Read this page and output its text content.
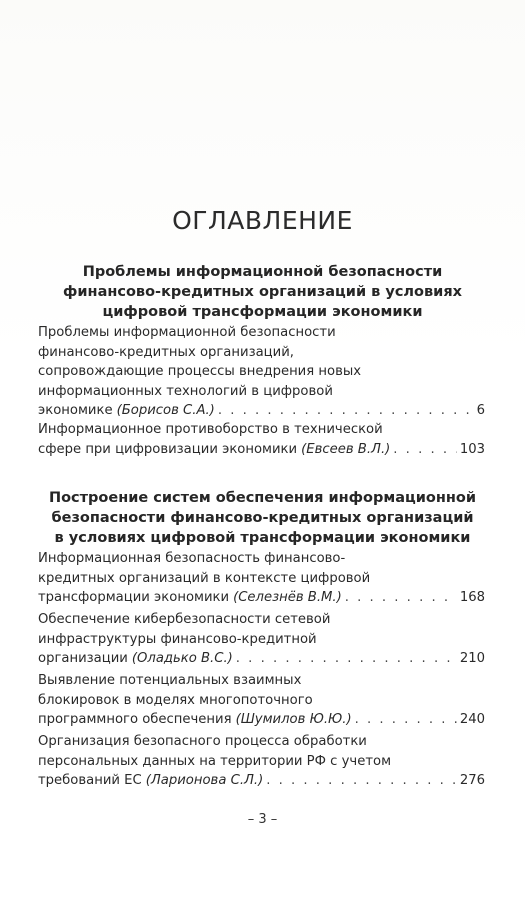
ОГЛАВЛЕНИЕ
Проблемы информационной безопасности
финансово-кредитных организаций в условиях
цифровой трансформации экономики
Проблемы информационной безопасности
финансово-кредитных организаций,
сопровождающие процессы внедрения новых
информационных технологий в цифровой
экономике (Борисов С.А.) . . .	6
Информационное противоборство в технической
сфере при цифровизации экономики (Евсеев В.Л.) . . .	103
Построение систем обеспечения информационной
безопасности финансово-кредитных организаций
в условиях цифровой трансформации экономики
Информационная безопасность финансово-
кредитных организаций в контексте цифровой
трансформации экономики (Селезнёв В.М.) . . .	168
Обеспечение кибербезопасности сетевой
инфраструктуры финансово-кредитной
организации (Оладько В.С.) . . .	210
Выявление потенциальных взаимных
блокировок в моделях многопоточного
программного обеспечения (Шумилов Ю.Ю.) . . .	240
Организация безопасного процесса обработки
персональных данных на территории РФ с учетом
требований ЕС (Ларионова С.Л.) . . .	276
– 3 –
